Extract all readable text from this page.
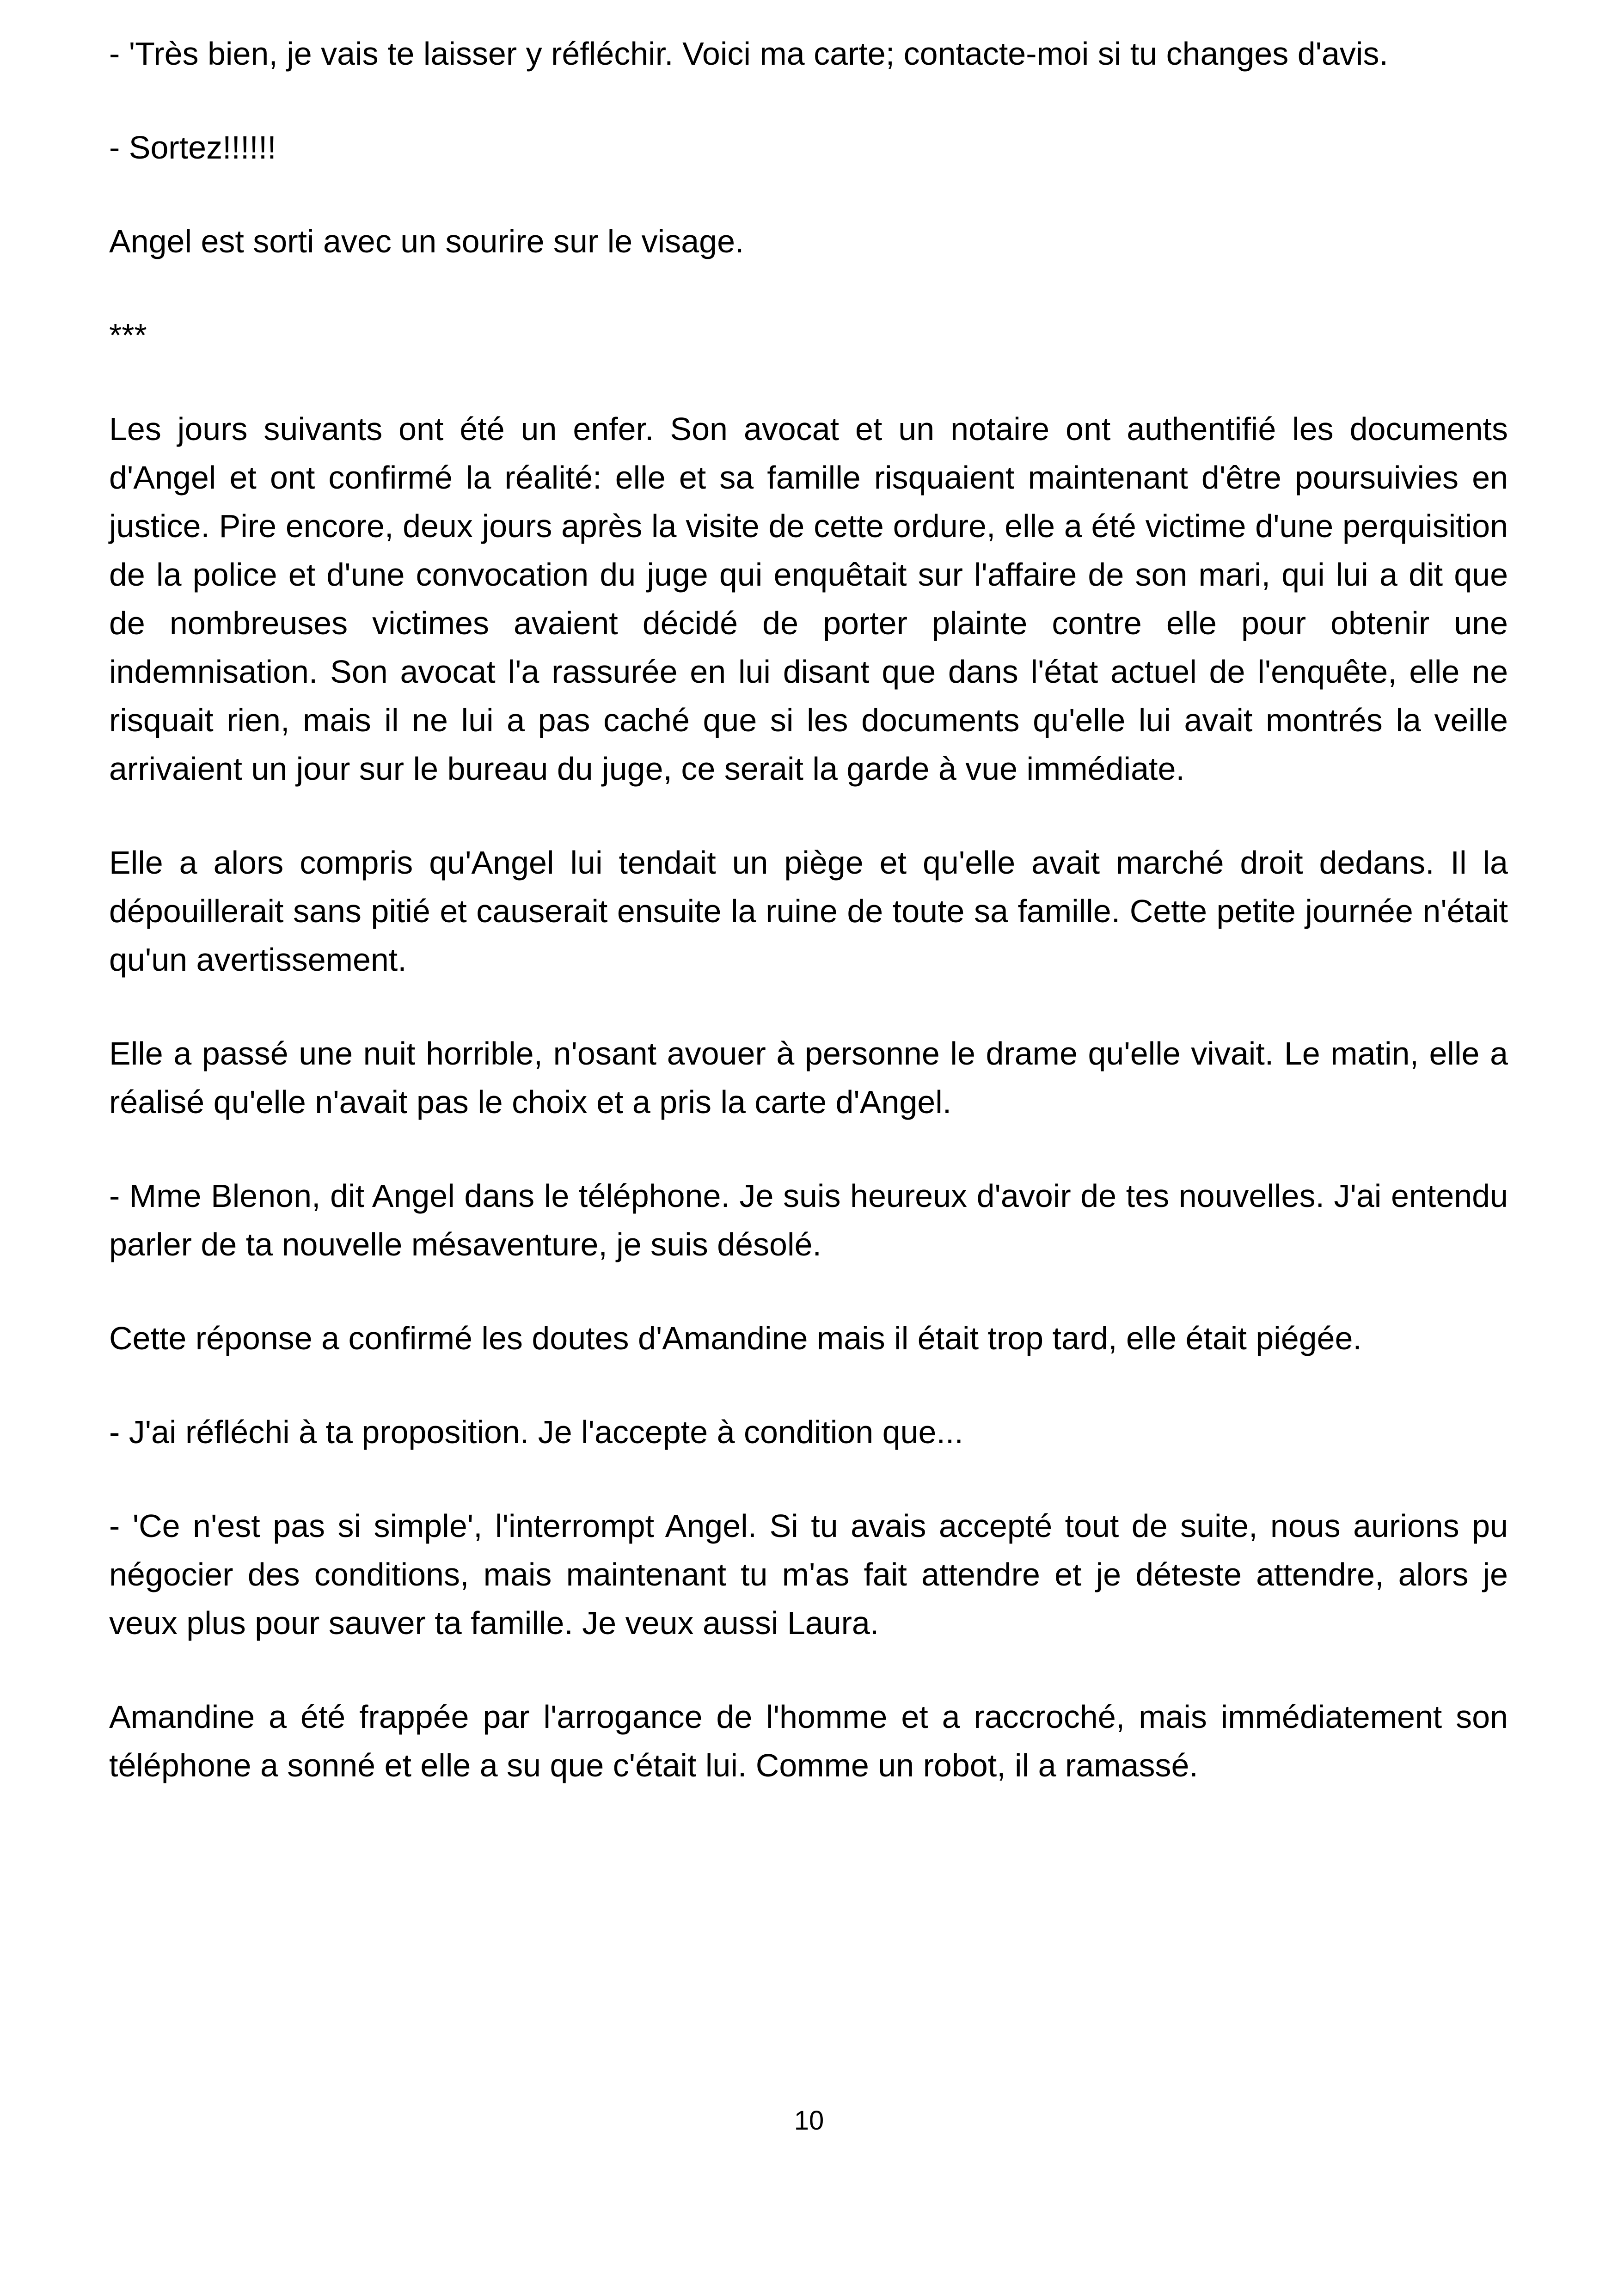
- 'Très bien, je vais te laisser y réfléchir. Voici ma carte; contacte-moi si tu changes d'avis.

- Sortez!!!!!!

Angel est sorti avec un sourire sur le visage.

***

Les jours suivants ont été un enfer. Son avocat et un notaire ont authentifié les documents d'Angel et ont confirmé la réalité: elle et sa famille risquaient maintenant d'être poursuivies en justice. Pire encore, deux jours après la visite de cette ordure, elle a été victime d'une perquisition de la police et d'une convocation du juge qui enquêtait sur l'affaire de son mari, qui lui a dit que de nombreuses victimes avaient décidé de porter plainte contre elle pour obtenir une indemnisation. Son avocat l'a rassurée en lui disant que dans l'état actuel de l'enquête, elle ne risquait rien, mais il ne lui a pas caché que si les documents qu'elle lui avait montrés la veille arrivaient un jour sur le bureau du juge, ce serait la garde à vue immédiate.

Elle a alors compris qu'Angel lui tendait un piège et qu'elle avait marché droit dedans. Il la dépouillerait sans pitié et causerait ensuite la ruine de toute sa famille. Cette petite journée n'était qu'un avertissement.

Elle a passé une nuit horrible, n'osant avouer à personne le drame qu'elle vivait. Le matin, elle a réalisé qu'elle n'avait pas le choix et a pris la carte d'Angel.

- Mme Blenon, dit Angel dans le téléphone. Je suis heureux d'avoir de tes nouvelles. J'ai entendu parler de ta nouvelle mésaventure, je suis désolé.

Cette réponse a confirmé les doutes d'Amandine mais il était trop tard, elle était piégée.

- J'ai réfléchi à ta proposition. Je l'accepte à condition que...

- 'Ce n'est pas si simple', l'interrompt Angel. Si tu avais accepté tout de suite, nous aurions pu négocier des conditions, mais maintenant tu m'as fait attendre et je déteste attendre, alors je veux plus pour sauver ta famille. Je veux aussi Laura.

Amandine a été frappée par l'arrogance de l'homme et a raccroché, mais immédiatement son téléphone a sonné et elle a su que c'était lui. Comme un robot, il a ramassé.

10
